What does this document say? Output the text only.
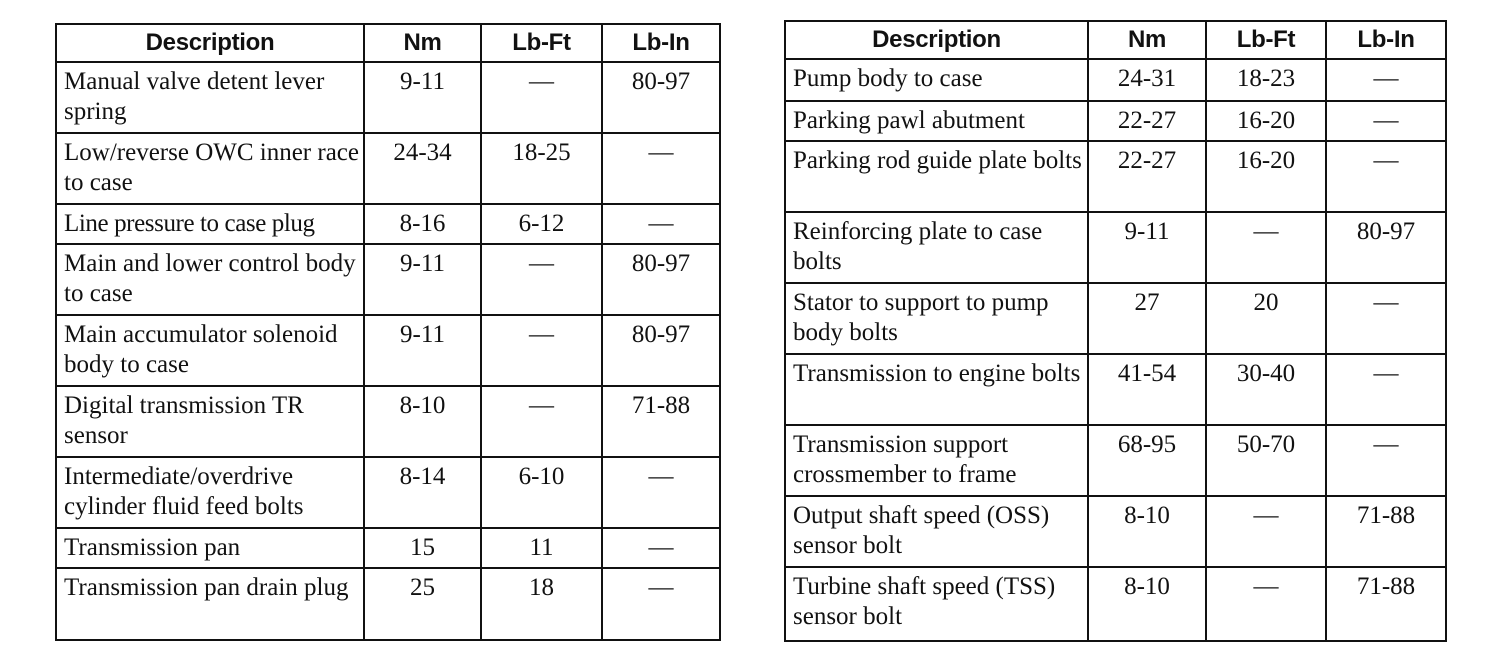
Description	Nm	Lb-Ft	Lb-In
Manual valve detent lever spring	9-11	—	80-97
Low/reverse OWC inner race to case	24-34	18-25	—
Line pressure to case plug	8-16	6-12	—
Main and lower control body to case	9-11	—	80-97
Main accumulator solenoid body to case	9-11	—	80-97
Digital transmission TR sensor	8-10	—	71-88
Intermediate/overdrive cylinder fluid feed bolts	8-14	6-10	—
Transmission pan	15	11	—
Transmission pan drain plug	25	18	—
Description	Nm	Lb-Ft	Lb-In
Pump body to case	24-31	18-23	—
Parking pawl abutment	22-27	16-20	—
Parking rod guide plate bolts	22-27	16-20	—
Reinforcing plate to case bolts	9-11	—	80-97
Stator to support to pump body bolts	27	20	—
Transmission to engine bolts	41-54	30-40	—
Transmission support crossmember to frame	68-95	50-70	—
Output shaft speed (OSS) sensor bolt	8-10	—	71-88
Turbine shaft speed (TSS) sensor bolt	8-10	—	71-88
